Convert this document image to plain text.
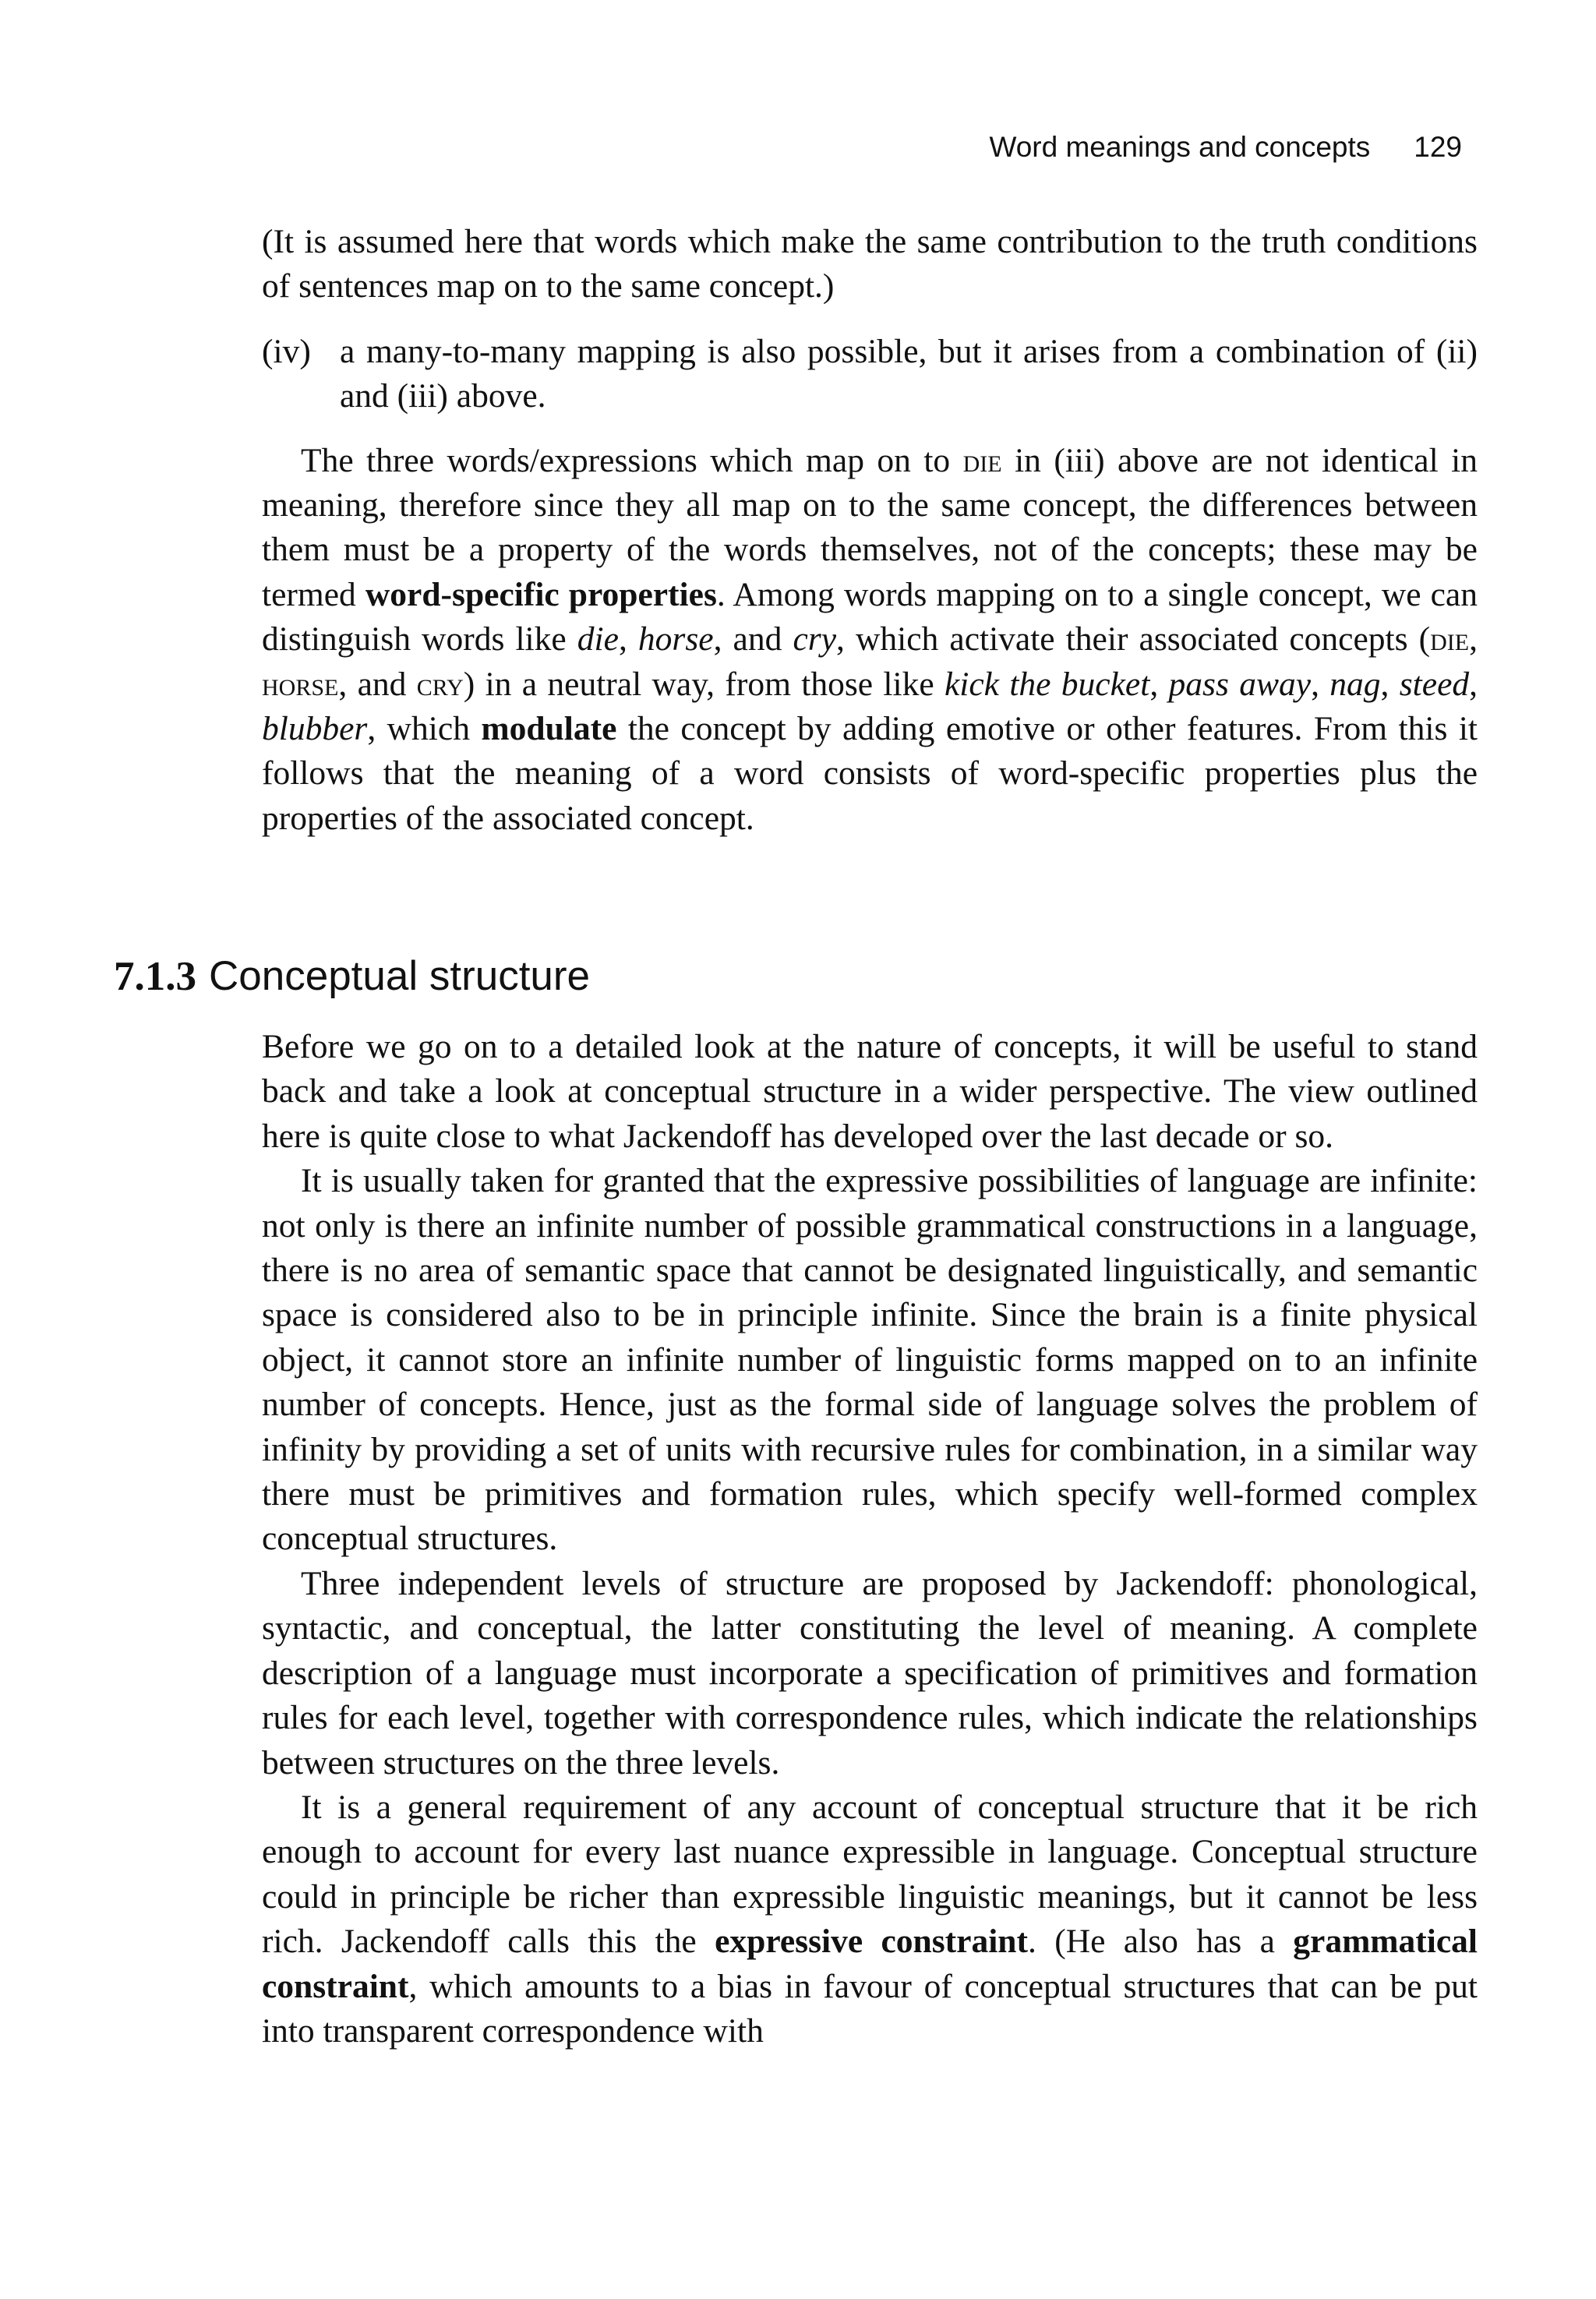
Word meanings and concepts 129

(It is assumed here that words which make the same contribution to the truth conditions of sentences map on to the same concept.)

(iv) a many-to-many mapping is also possible, but it arises from a combination of (ii) and (iii) above.

The three words/expressions which map on to die in (iii) above are not identical in meaning, therefore since they all map on to the same concept, the differences between them must be a property of the words themselves, not of the concepts; these may be termed word-specific properties. Among words mapping on to a single concept, we can distinguish words like die, horse, and cry, which activate their associated concepts (die, horse, and cry) in a neutral way, from those like kick the bucket, pass away, nag, steed, blubber, which modulate the concept by adding emotive or other features. From this it follows that the meaning of a word consists of word-specific properties plus the properties of the associated concept.

7.1.3 Conceptual structure

Before we go on to a detailed look at the nature of concepts, it will be useful to stand back and take a look at conceptual structure in a wider perspective. The view outlined here is quite close to what Jackendoff has developed over the last decade or so.

It is usually taken for granted that the expressive possibilities of language are infinite: not only is there an infinite number of possible grammatical constructions in a language, there is no area of semantic space that cannot be designated linguistically, and semantic space is considered also to be in principle infinite. Since the brain is a finite physical object, it cannot store an infinite number of linguistic forms mapped on to an infinite number of concepts. Hence, just as the formal side of language solves the problem of infinity by providing a set of units with recursive rules for combination, in a similar way there must be primitives and formation rules, which specify well-formed complex conceptual structures.

Three independent levels of structure are proposed by Jackendoff: phonological, syntactic, and conceptual, the latter constituting the level of meaning. A complete description of a language must incorporate a specification of primitives and formation rules for each level, together with correspondence rules, which indicate the relationships between structures on the three levels.

It is a general requirement of any account of conceptual structure that it be rich enough to account for every last nuance expressible in language. Conceptual structure could in principle be richer than expressible linguistic meanings, but it cannot be less rich. Jackendoff calls this the expressive constraint. (He also has a grammatical constraint, which amounts to a bias in favour of conceptual structures that can be put into transparent correspondence with
